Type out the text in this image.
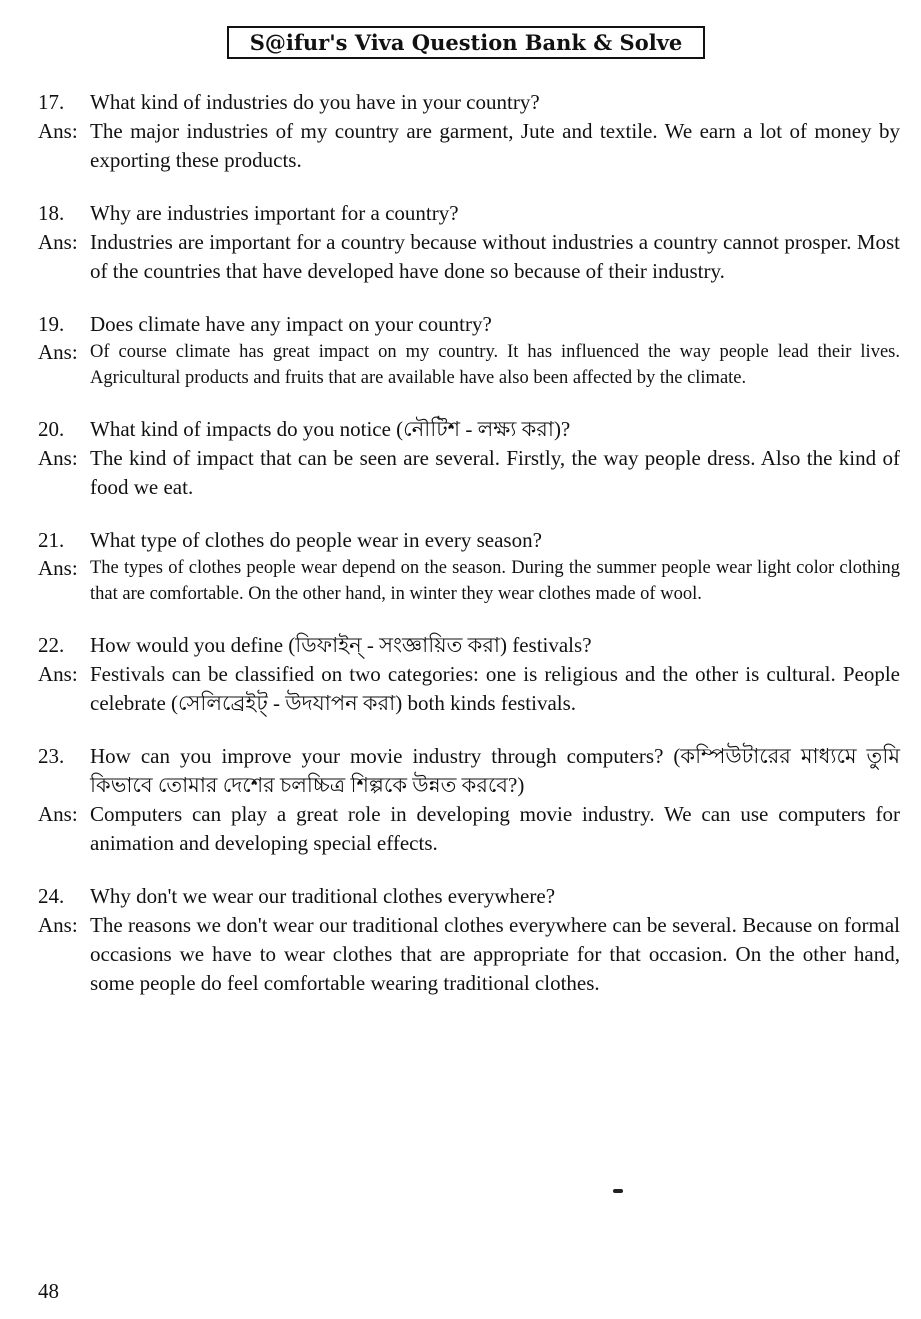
S@ifur's Viva Question Bank & Solve
17.	What kind of industries do you have in your country?
Ans: The major industries of my country are garment, Jute and textile. We earn a lot of money by exporting these products.
18.	Why are industries important for a country?
Ans: Industries are important for a country because without industries a country cannot prosper. Most of the countries that have developed have done so because of their industry.
19.	Does climate have any impact on your country?
Ans: Of course climate has great impact on my country. It has influenced the way people lead their lives. Agricultural products and fruits that are available have also been affected by the climate.
20.	What kind of impacts do you notice (নৌটিশ - লক্ষ্য করা)?
Ans: The kind of impact that can be seen are several. Firstly, the way people dress. Also the kind of food we eat.
21.	What type of clothes do people wear in every season?
Ans: The types of clothes people wear depend on the season. During the summer people wear light color clothing that are comfortable. On the other hand, in winter they wear clothes made of wool.
22.	How would you define (ডিফাইন্ - সংজ্ঞায়িত করা) festivals?
Ans: Festivals can be classified on two categories: one is religious and the other is cultural. People celebrate (সেলিব্রেইট্ - উদযাপন করা) both kinds festivals.
23.	How can you improve your movie industry through computers? (কম্পিউটারের মাধ্যমে তুমি কিভাবে তোমার দেশের চলচ্চিত্র শিল্পকে উন্নত করবে?)
Ans: Computers can play a great role in developing movie industry. We can use computers for animation and developing special effects.
24.	Why don't we wear our traditional clothes everywhere?
Ans: The reasons we don't wear our traditional clothes everywhere can be several. Because on formal occasions we have to wear clothes that are appropriate for that occasion. On the other hand, some people do feel comfortable wearing traditional clothes.
48
